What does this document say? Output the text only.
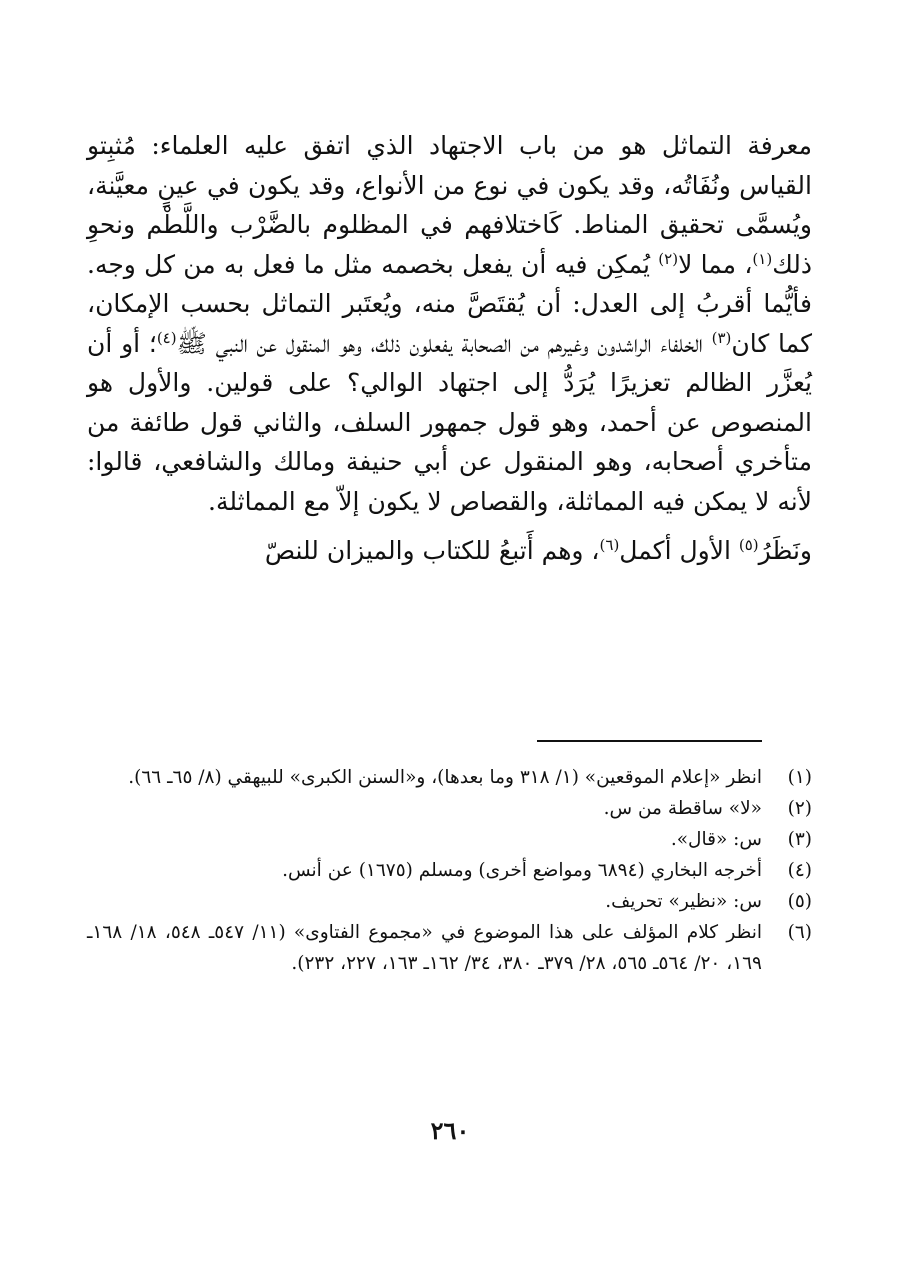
معرفة التماثل هو من باب الاجتهاد الذي اتفق عليه العلماء: مُثبِتو القياس ونُفَاتُه، وقد يكون في نوع من الأنواع، وقد يكون في عينٍ معيَّنة، ويُسمَّى تحقيق المناط. كَاختلافهم في المظلوم بالضَّرْب واللَّطْم ونحوِ ذلك$^{(١)}$، مما لا$^{(٢)}$ يُمكِن فيه أن يفعل بخصمه مثل ما فعل به من كل وجه. فأيُّما أقربُ إلى العدل: أن يُقتَصَّ منه، ويُعتَبر التماثل بحسب الإمكان، كما كان$^{(٣)}$ الخلفاء الراشدون وغيرهم من الصحابة يفعلون ذلك، وهو المنقول عن النبي ﷺ$^{(٤)}$؛ أو أن يُعزَّر الظالم تعزيرًا يُرَدُّ إلى اجتهاد الوالي؟ على قولين. والأول هو المنصوص عن أحمد، وهو قول جمهور السلف، والثاني قول طائفة من متأخري أصحابه، وهو المنقول عن أبي حنيفة ومالك والشافعي، قالوا: لأنه لا يمكن فيه المماثلة، والقصاص لا يكون إلاّ مع المماثلة.

ونَظَرُ$^{(٥)}$ الأول أكمل$^{(٦)}$، وهم أَتبعُ للكتاب والميزان للنصّ

(١)
انظر «إعلام الموقعين» (١/ ٣١٨ وما بعدها)، و«السنن الكبرى» للبيهقي (٨/ ٦٥ـ ٦٦).
(٢)
«لا» ساقطة من س.
(٣)
س: «قال».
(٤)
أخرجه البخاري (٦٨٩٤ ومواضع أخرى) ومسلم (١٦٧٥) عن أنس.
(٥)
س: «نظير» تحريف.
(٦)
انظر كلام المؤلف على هذا الموضوع في «مجموع الفتاوى» (١١/ ٥٤٧ـ ٥٤٨، ١٨/ ١٦٨ـ ١٦٩، ٢٠/ ٥٦٤ـ ٥٦٥، ٢٨/ ٣٧٩ـ ٣٨٠، ٣٤/ ١٦٢ـ ١٦٣، ٢٢٧، ٢٣٢).
٢٦٠
